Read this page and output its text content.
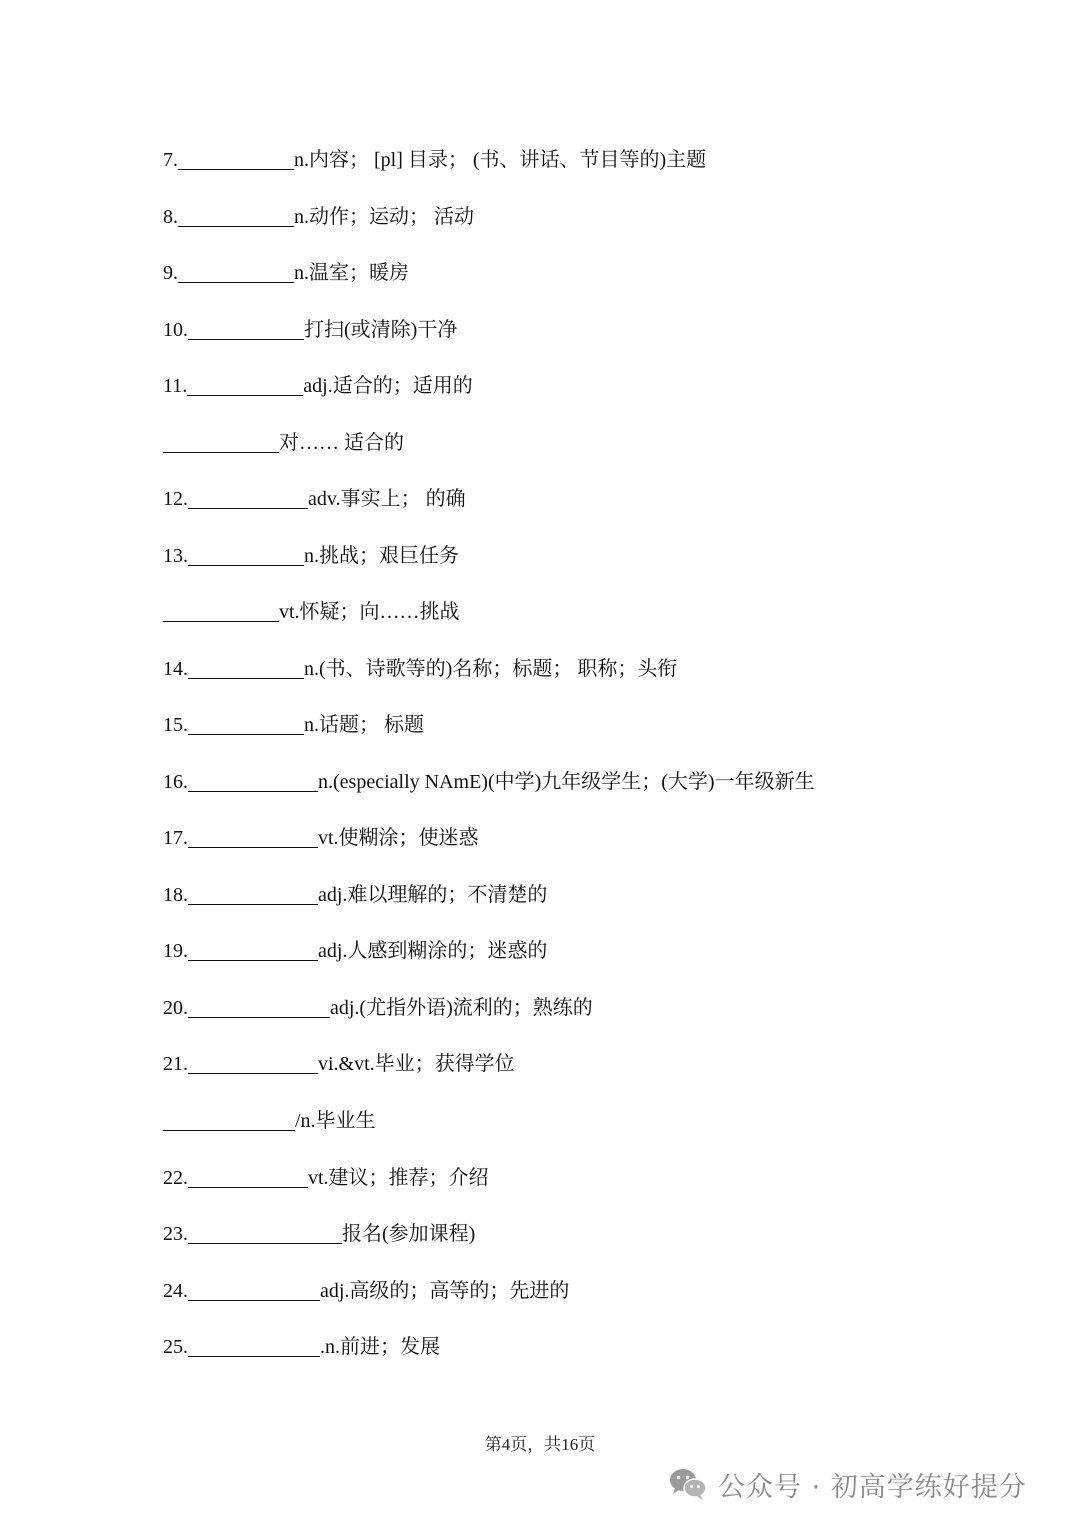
7.	n.内容； [pl] 目录； (书、讲话、节目等的)主题
8.	n.动作；运动； 活动
9.	n.温室；暖房
10.	打扫(或清除)干净
11.	adj.适合的；适用的
对…… 适合的
12.	adv.事实上； 的确
13.	n.挑战；艰巨任务
vt.怀疑；向……挑战
14.	n.(书、诗歌等的)名称；标题； 职称；头衔
15.	n.话题； 标题
16.	n.(especially NAmE)(中学)九年级学生；(大学)一年级新生
17.	vt.使糊涂；使迷惑
18.	adj.难以理解的；不清楚的
19.	adj.人感到糊涂的；迷惑的
20.	adj.(尤指外语)流利的；熟练的
21.	vi.&vt.毕业；获得学位
/n.毕业生
22.	vt.建议；推荐；介绍
23.	报名(参加课程)
24.	adj.高级的；高等的；先进的
25.	.n.前进；发展
第4页，共16页
公众号 · 初高学练好提分
